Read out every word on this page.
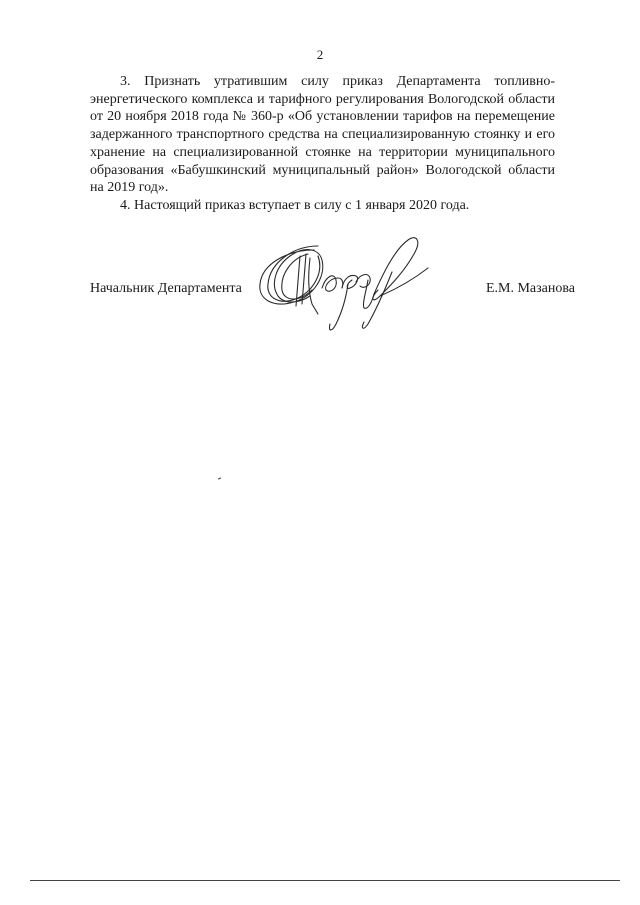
2

3. Признать утратившим силу приказ Департамента топливно-энергетического комплекса и тарифного регулирования Вологодской области от 20 ноября 2018 года № 360-р «Об установлении тарифов на перемещение задержанного транспортного средства на специализированную стоянку и его хранение на специализированной стоянке на территории муниципального образования «Бабушкинский муниципальный район» Вологодской области на 2019 год».

4. Настоящий приказ вступает в силу с 1 января 2020 года.

Начальник Департамента	Е.М. Мазанова
